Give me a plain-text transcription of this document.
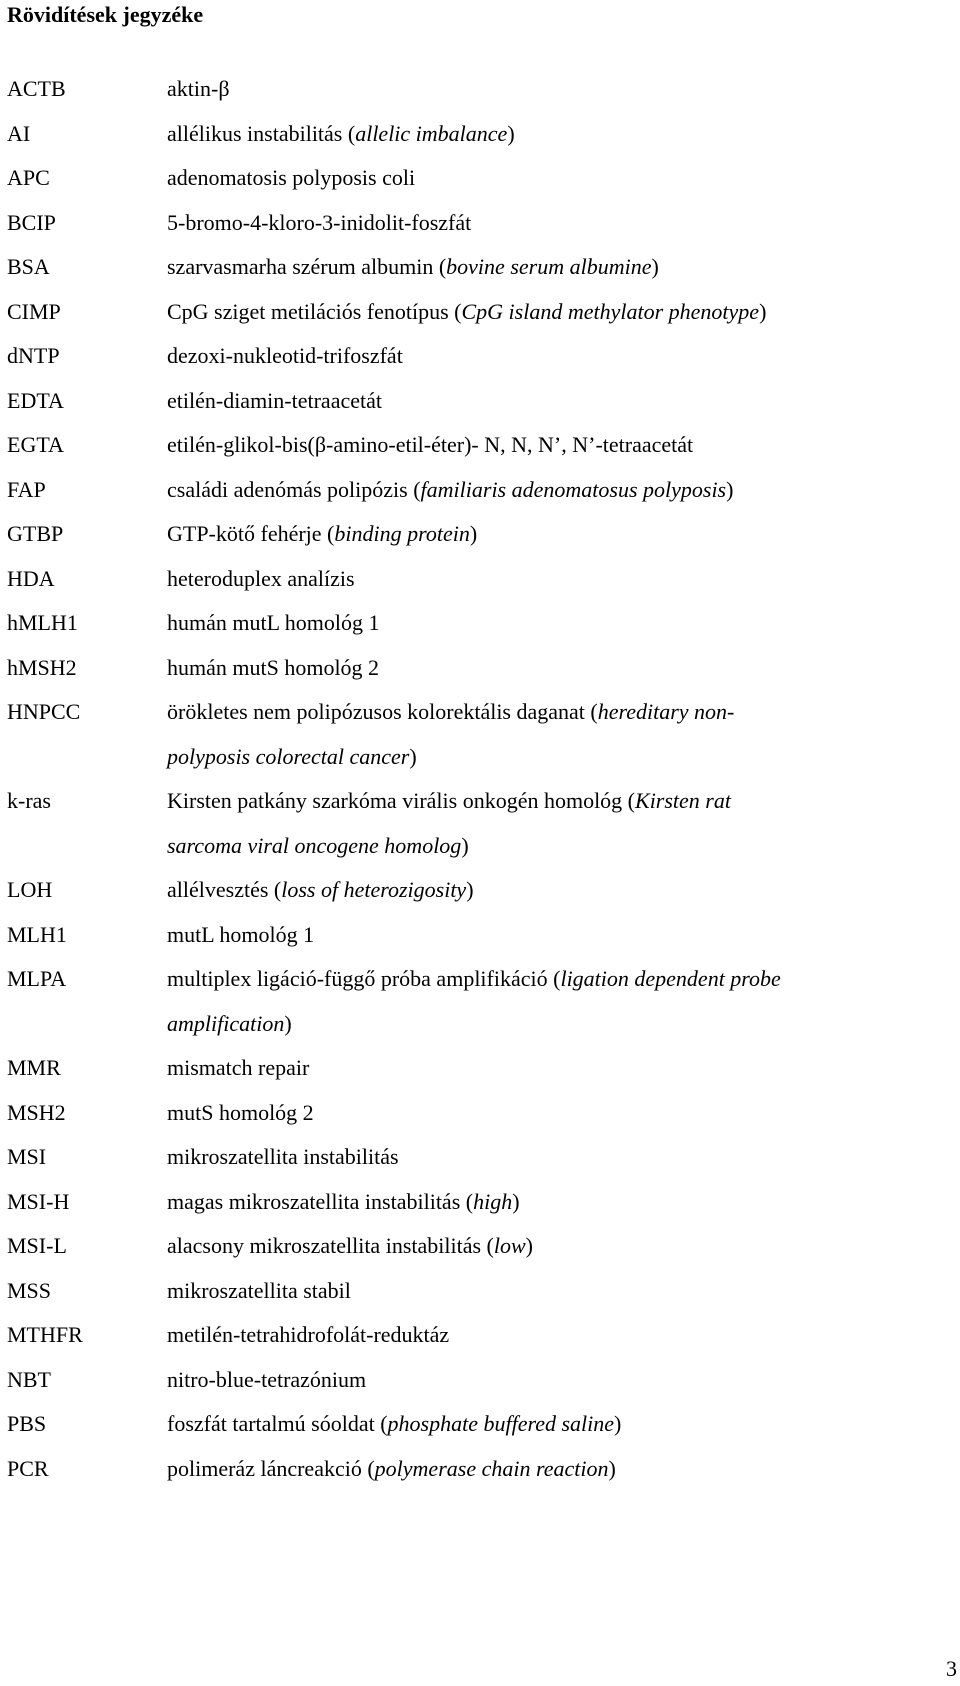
Rövidítések jegyzéke
ACTB	aktin-β
AI	allélikus instabilitás (allelic imbalance)
APC	adenomatosis polyposis coli
BCIP	5-bromo-4-kloro-3-inidolit-foszfát
BSA	szarvasmarha szérum albumin (bovine serum albumine)
CIMP	CpG sziget metilációs fenotípus (CpG island methylator phenotype)
dNTP	dezoxi-nukleotid-trifoszfát
EDTA	etilén-diamin-tetraacetát
EGTA	etilén-glikol-bis(β-amino-etil-éter)- N, N, N’, N’-tetraacetát
FAP	családi adenómás polipózis (familiaris adenomatosus polyposis)
GTBP	GTP-kötő fehérje (binding protein)
HDA	heteroduplex analízis
hMLH1	humán mutL homológ 1
hMSH2	humán mutS homológ 2
HNPCC	örökletes nem polipózusos kolorektális daganat (hereditary non-
polyposis colorectal cancer)
k-ras	Kirsten patkány szarkóma virális onkogén homológ (Kirsten rat
sarcoma viral oncogene homolog)
LOH	allélvesztés (loss of heterozigosity)
MLH1	mutL homológ 1
MLPA	multiplex ligáció-függő próba amplifikáció (ligation dependent probe
amplification)
MMR	mismatch repair
MSH2	mutS homológ 2
MSI	mikroszatellita instabilitás
MSI-H	magas mikroszatellita instabilitás (high)
MSI-L	alacsony mikroszatellita instabilitás (low)
MSS	mikroszatellita stabil
MTHFR	metilén-tetrahidrofolát-reduktáz
NBT	nitro-blue-tetrazónium
PBS	foszfát tartalmú sóoldat (phosphate buffered saline)
PCR	polimeráz láncreakció (polymerase chain reaction)
3
